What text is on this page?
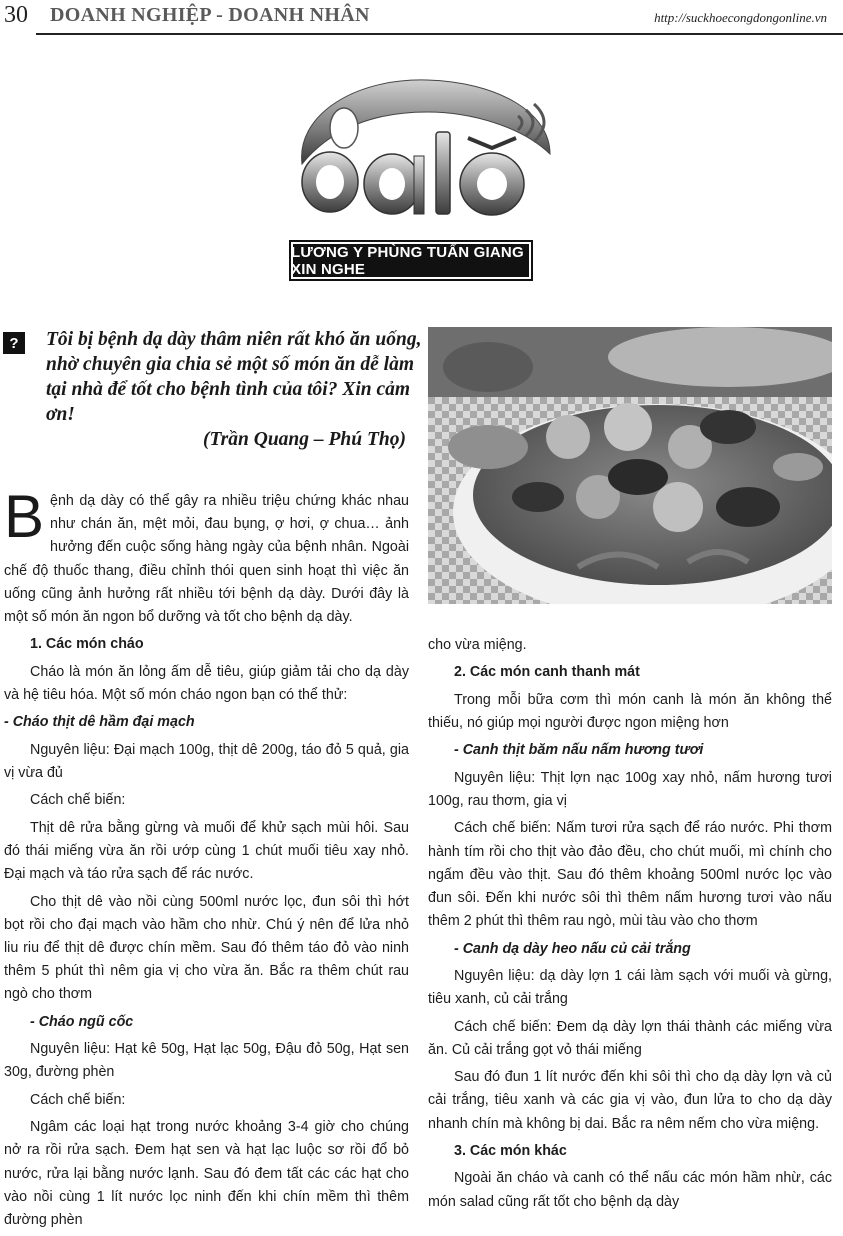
30 DOANH NGHIỆP - DOANH NHÂN	http://suckhoecongdongonline.vn
alô
LƯƠNG Y PHÙNG TUẤN GIANG XIN NGHE
?	Tôi bị bệnh dạ dày thâm niên rất khó ăn uống, nhờ chuyên gia chia sẻ một số món ăn dễ làm tại nhà để tốt cho bệnh tình của tôi? Xin cảm ơn!

(Trần Quang – Phú Thọ)

Bệnh dạ dày có thể gây ra nhiều triệu chứng khác nhau như chán ăn, mệt mỏi, đau bụng, ợ hơi, ợ chua… ảnh hưởng đến cuộc sống hàng ngày của bệnh nhân. Ngoài chế độ thuốc thang, điều chỉnh thói quen sinh hoạt thì việc ăn uống cũng ảnh hưởng rất nhiều tới bệnh dạ dày. Dưới đây là một số món ăn ngon bổ dưỡng và tốt cho bệnh dạ dày.

1. Các món cháo

Cháo là món ăn lỏng ấm dễ tiêu, giúp giảm tải cho dạ dày và hệ tiêu hóa. Một số món cháo ngon bạn có thể thử:

- Cháo thịt dê hầm đại mạch

Nguyên liệu: Đại mạch 100g, thịt dê 200g, táo đỏ 5 quả, gia vị vừa đủ

Cách chế biến:

Thịt dê rửa bằng gừng và muối để khử sạch mùi hôi. Sau đó thái miếng vừa ăn rồi ướp cùng 1 chút muối tiêu xay nhỏ. Đại mạch và táo rửa sạch để rác nước.

Cho thịt dê vào nồi cùng 500ml nước lọc, đun sôi thì hớt bọt rồi cho đại mạch vào hầm cho nhừ. Chú ý nên để lửa nhỏ liu riu để thịt dê được chín mềm. Sau đó thêm táo đỏ vào ninh thêm 5 phút thì nêm gia vị cho vừa ăn. Bắc ra thêm chút rau ngò cho thơm

- Cháo ngũ cốc

Nguyên liệu: Hạt kê 50g, Hạt lạc 50g, Đậu đỏ 50g, Hạt sen 30g, đường phèn

Cách chế biến:

Ngâm các loại hạt trong nước khoảng 3-4 giờ cho chúng nở ra rồi rửa sạch. Đem hạt sen và hạt lạc luộc sơ rồi đổ bỏ nước, rửa lại bằng nước lạnh. Sau đó đem tất các các hạt cho vào nồi cùng 1 lít nước lọc ninh đến khi chín mềm thì thêm đường phèn

cho vừa miệng.

2. Các món canh thanh mát

Trong mỗi bữa cơm thì món canh là món ăn không thể thiếu, nó giúp mọi người được ngon miệng hơn

- Canh thịt băm nấu nấm hương tươi

Nguyên liệu: Thịt lợn nạc 100g xay nhỏ, nấm hương tươi 100g, rau thơm, gia vị

Cách chế biến: Nấm tươi rửa sạch để ráo nước. Phi thơm hành tím rồi cho thịt vào đảo đều, cho chút muối, mì chính cho ngấm đều vào thịt. Sau đó thêm khoảng 500ml nước lọc vào đun sôi. Đến khi nước sôi thì thêm nấm hương tươi vào nấu thêm 2 phút thì thêm rau ngò, mùi tàu vào cho thơm

- Canh dạ dày heo nấu củ cải trắng

Nguyên liệu: dạ dày lợn 1 cái làm sạch với muối và gừng, tiêu xanh, củ cải trắng

Cách chế biến: Đem dạ dày lợn thái thành các miếng vừa ăn. Củ cải trắng gọt vỏ thái miếng

Sau đó đun 1 lít nước đến khi sôi thì cho dạ dày lợn và củ cải trắng, tiêu xanh và các gia vị vào, đun lửa to cho dạ dày nhanh chín mà không bị dai. Bắc ra nêm nếm cho vừa miệng.

3. Các món khác

Ngoài ăn cháo và canh có thể nấu các món hầm nhừ, các món salad cũng rất tốt cho bệnh dạ dày
